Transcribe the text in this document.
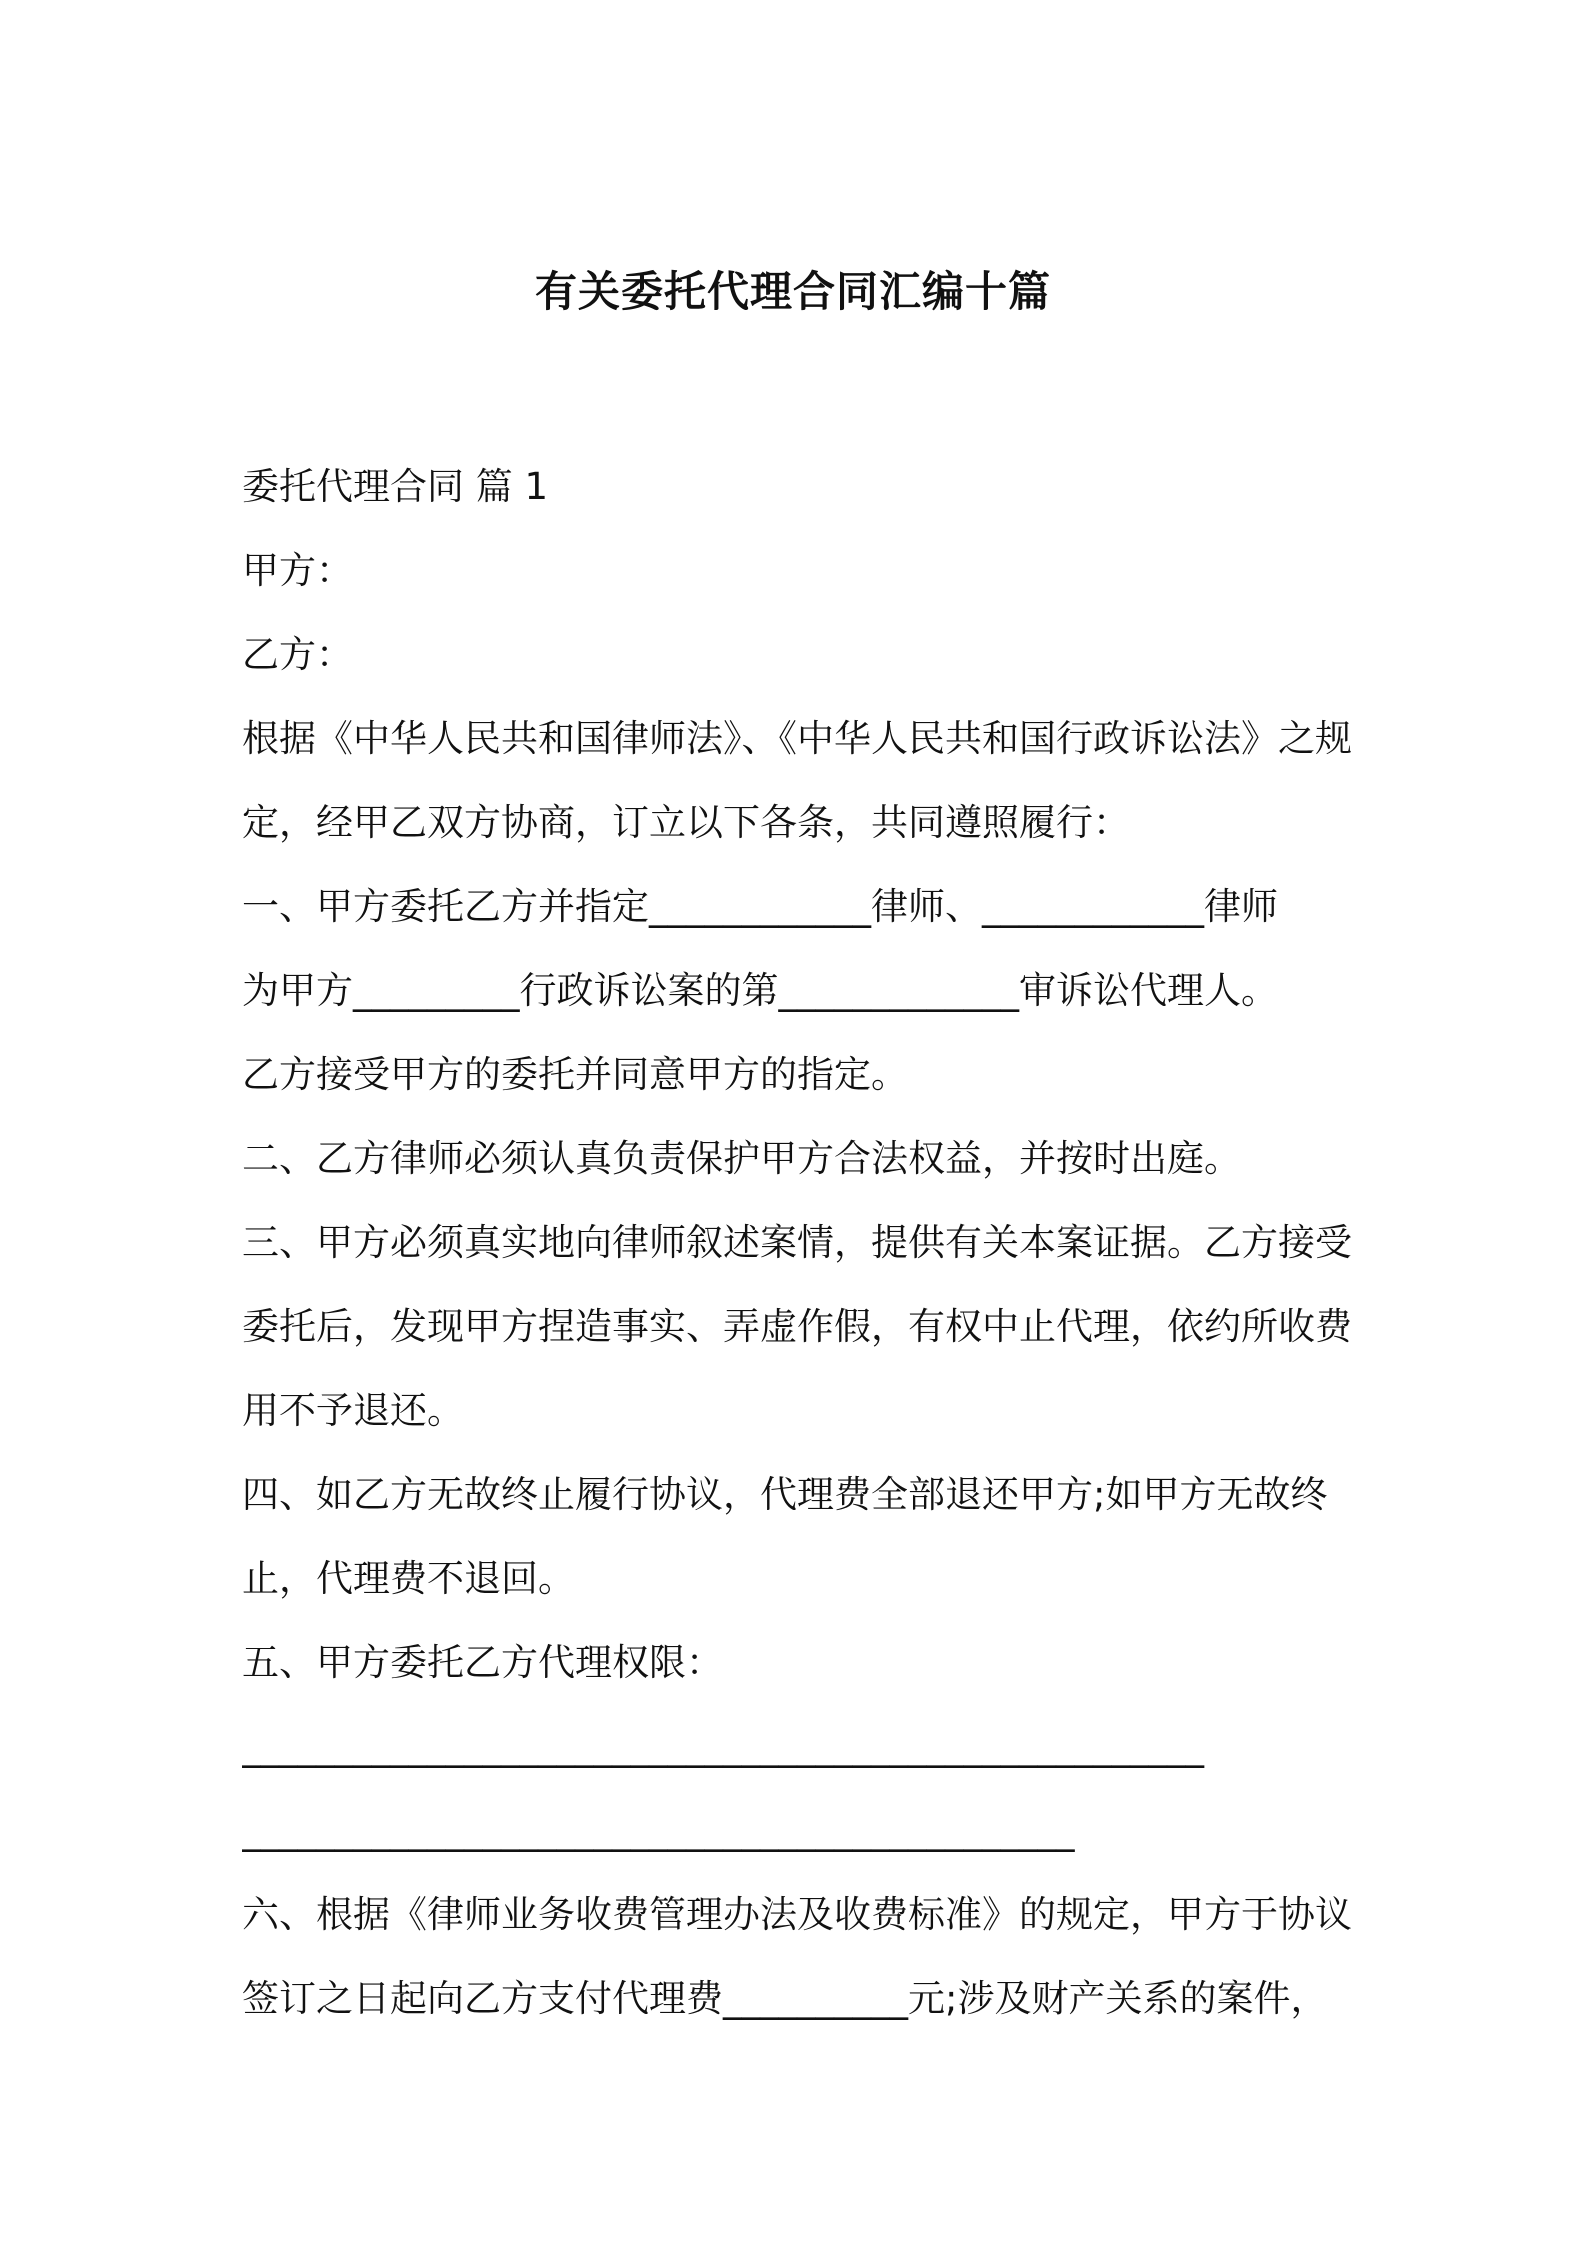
有关委托代理合同汇编十篇
委托代理合同 篇 1
甲方：
乙方：
根据《中华人民共和国律师法》、《中华人民共和国行政诉讼法》之规
定，经甲乙双方协商，订立以下各条，共同遵照履行：
一、甲方委托乙方并指定____________律师、____________律师
为甲方_________行政诉讼案的第_____________审诉讼代理人。
乙方接受甲方的委托并同意甲方的指定。
二、乙方律师必须认真负责保护甲方合法权益，并按时出庭。
三、甲方必须真实地向律师叙述案情，提供有关本案证据。乙方接受
委托后，发现甲方捏造事实、弄虚作假，有权中止代理，依约所收费
用不予退还。
四、如乙方无故终止履行协议，代理费全部退还甲方;如甲方无故终
止，代理费不退回。
五、甲方委托乙方代理权限：
____________________________________________________
_____________________________________________
六、根据《律师业务收费管理办法及收费标准》的规定，甲方于协议
签订之日起向乙方支付代理费__________元;涉及财产关系的案件，
